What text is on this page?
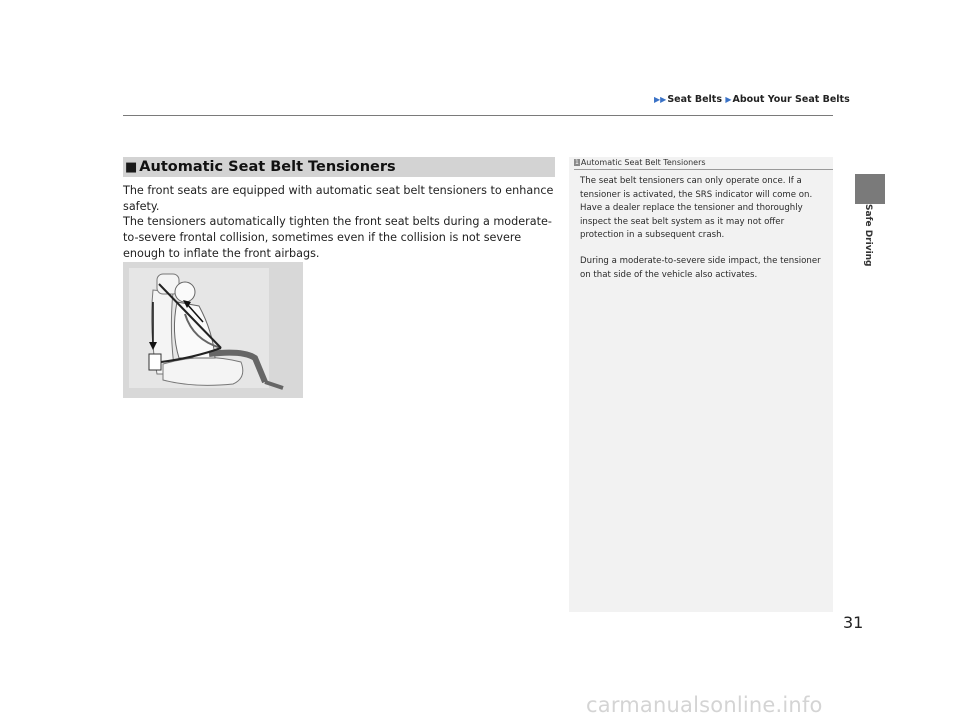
▶▶Seat Belts ▶About Your Seat Belts
Safe Driving
■ Automatic Seat Belt Tensioners

The front seats are equipped with automatic seat belt tensioners to enhance safety.

The tensioners automatically tighten the front seat belts during a moderate-to-severe frontal collision, sometimes even if the collision is not severe enough to inflate the front airbags.

1 Automatic Seat Belt Tensioners

The seat belt tensioners can only operate once. If a tensioner is activated, the SRS indicator will come on. Have a dealer replace the tensioner and thoroughly inspect the seat belt system as it may not offer protection in a subsequent crash.

During a moderate-to-severe side impact, the tensioner on that side of the vehicle also activates.

31
carmanualsonline.info
